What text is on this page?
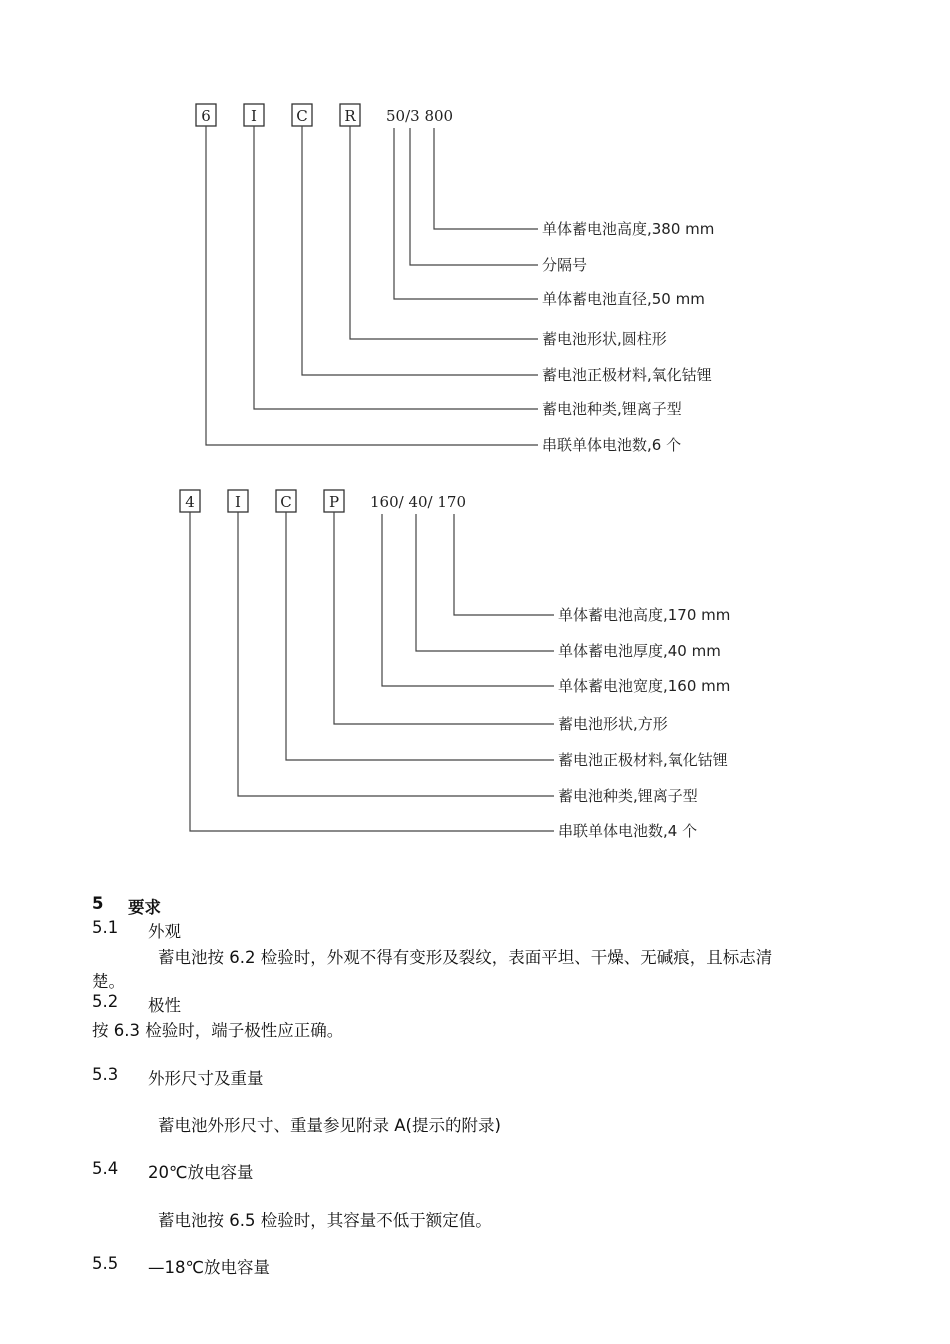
6	I	C R 50/3 800
单体蓄电池高度,380 mm
分隔号
单体蓄电池直径,50 mm
蓄电池形状,圆柱形
蓄电池正极材料,氧化钴锂
蓄电池种类,锂离子型
串联单体电池数,6 个
4	I	C P 160/ 40/ 170
单体蓄电池高度,170 mm
单体蓄电池厚度,40 mm
单体蓄电池宽度,160 mm
蓄电池形状,方形
蓄电池正极材料,氧化钴锂
蓄电池种类,锂离子型
串联单体电池数,4 个
5 要求
5.1 外观
蓄电池按 6.2 检验时，外观不得有变形及裂纹，表面平坦、干燥、无碱痕，且标志清
楚。
5.2 极性
按 6.3 检验时，端子极性应正确。
5.3 外形尺寸及重量
蓄电池外形尺寸、重量参见附录 A(提示的附录)
5.4 20℃放电容量
蓄电池按 6.5 检验时，其容量不低于额定值。
5.5 —18℃放电容量
